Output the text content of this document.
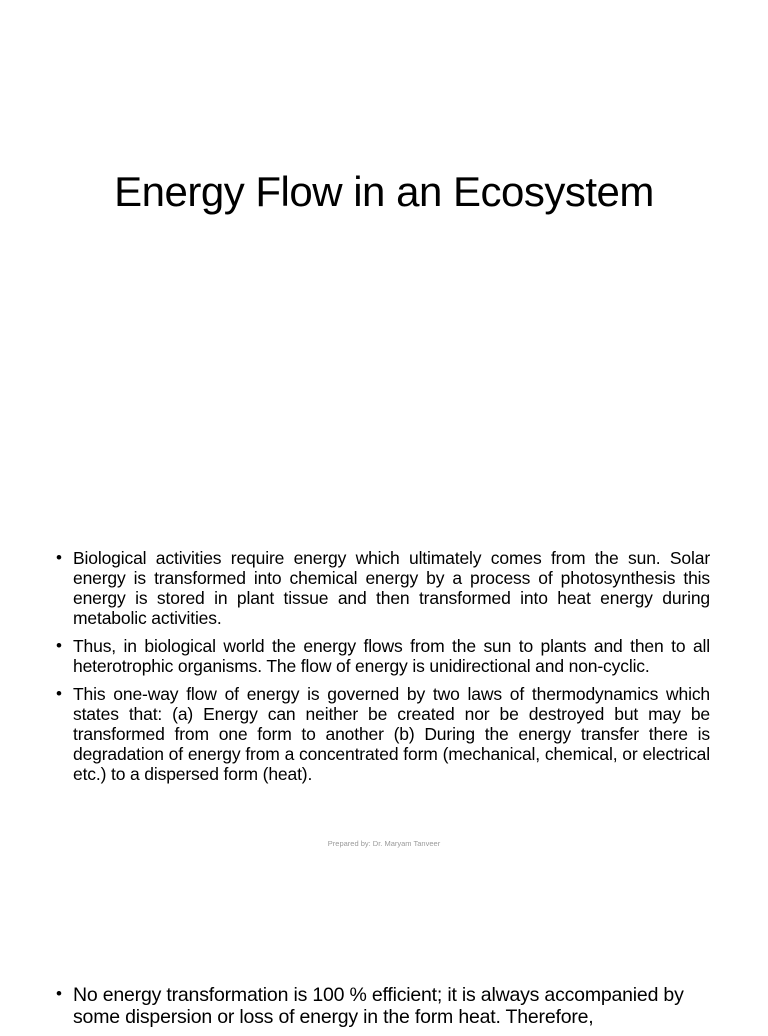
Energy Flow in an Ecosystem
• Biological activities require energy which ultimately comes from the sun. Solar energy is transformed into chemical energy by a process of photosynthesis this energy is stored in plant tissue and then transformed into heat energy during metabolic activities.
• Thus, in biological world the energy flows from the sun to plants and then to all heterotrophic organisms. The flow of energy is unidirectional and non-cyclic.
• This one-way flow of energy is governed by two laws of thermodynamics which states that: (a) Energy can neither be created nor be destroyed but may be transformed from one form to another (b) During the energy transfer there is degradation of energy from a concentrated form (mechanical, chemical, or electrical etc.) to a dispersed form (heat).

Prepared by: Dr. Maryam Tanveer

• No energy transformation is 100 % efficient; it is always accompanied by some dispersion or loss of energy in the form heat. Therefore,
